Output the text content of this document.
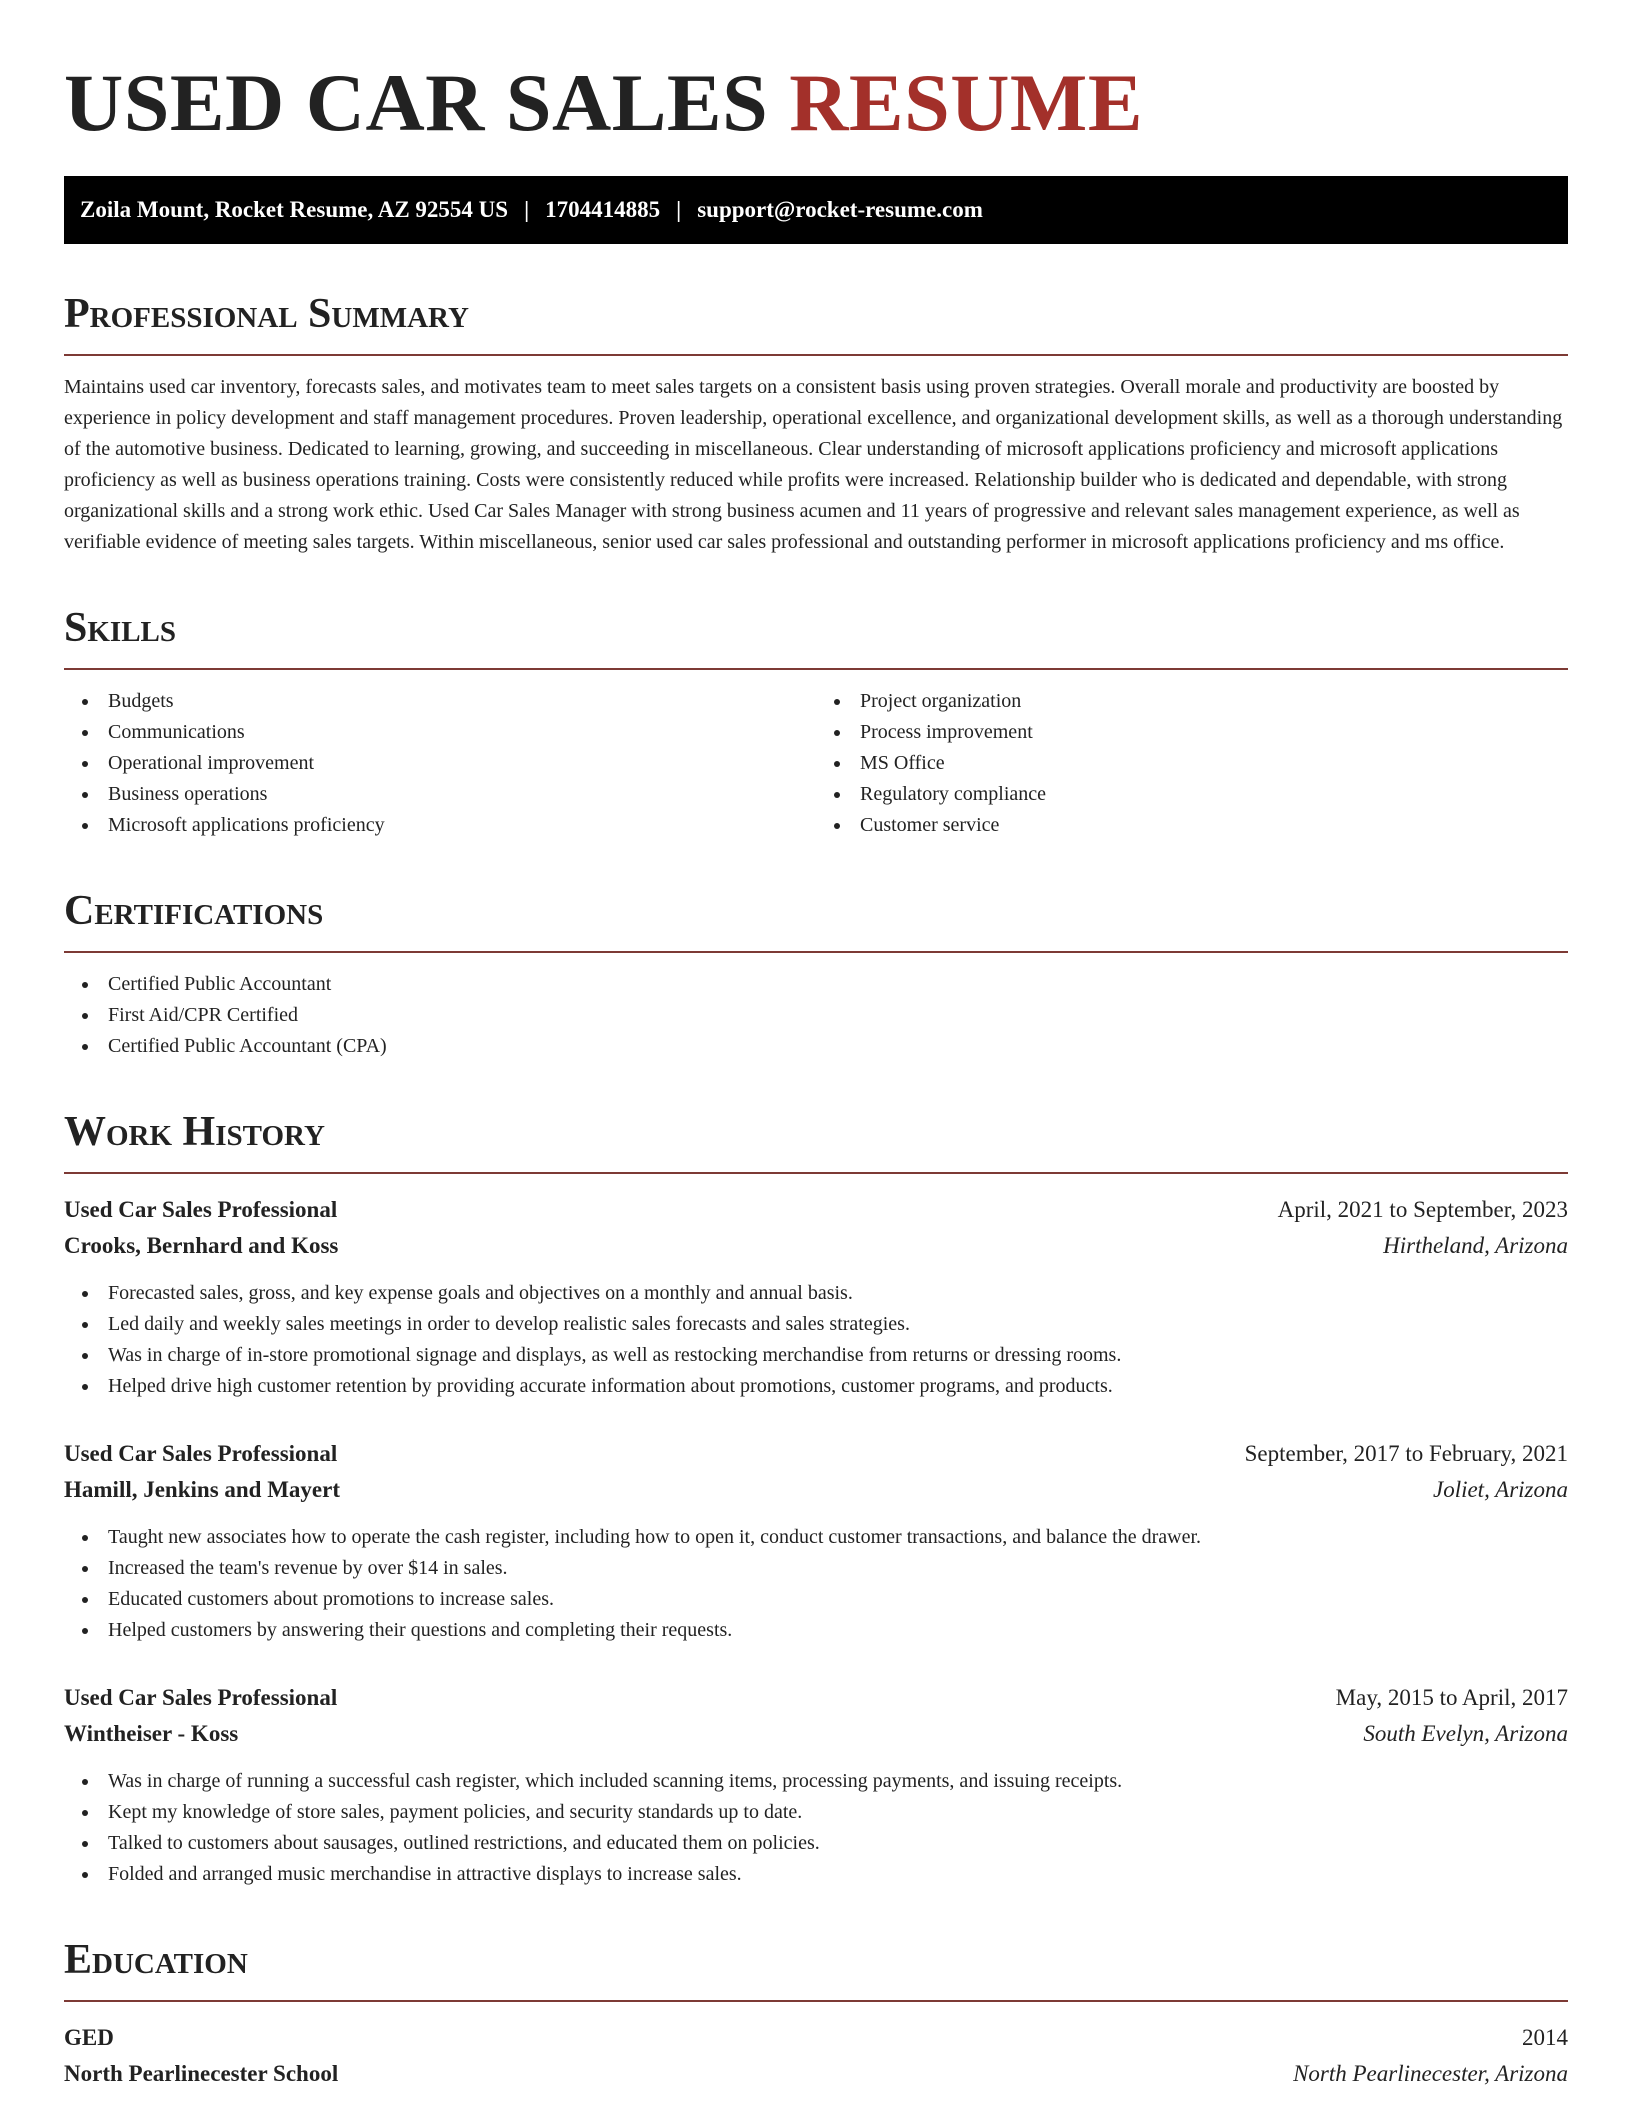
USED CAR SALES RESUME
Zoila Mount, Rocket Resume, AZ 92554 US | 1704414885 | support@rocket-resume.com
Professional Summary

Maintains used car inventory, forecasts sales, and motivates team to meet sales targets on a consistent basis using proven strategies. Overall morale and productivity are boosted by experience in policy development and staff management procedures. Proven leadership, operational excellence, and organizational development skills, as well as a thorough understanding of the automotive business. Dedicated to learning, growing, and succeeding in miscellaneous. Clear understanding of microsoft applications proficiency and microsoft applications proficiency as well as business operations training. Costs were consistently reduced while profits were increased. Relationship builder who is dedicated and dependable, with strong organizational skills and a strong work ethic. Used Car Sales Manager with strong business acumen and 11 years of progressive and relevant sales management experience, as well as verifiable evidence of meeting sales targets. Within miscellaneous, senior used car sales professional and outstanding performer in microsoft applications proficiency and ms office.

Skills
Budgets
Communications
Operational improvement
Business operations
Microsoft applications proficiency
Project organization
Process improvement
MS Office
Regulatory compliance
Customer service
Certifications
Certified Public Accountant
First Aid/CPR Certified
Certified Public Accountant (CPA)
Work History
Used Car Sales Professional	April, 2021 to September, 2023
Crooks, Bernhard and Koss	Hirtheland, Arizona
Forecasted sales, gross, and key expense goals and objectives on a monthly and annual basis.
Led daily and weekly sales meetings in order to develop realistic sales forecasts and sales strategies.
Was in charge of in-store promotional signage and displays, as well as restocking merchandise from returns or dressing rooms.
Helped drive high customer retention by providing accurate information about promotions, customer programs, and products.
Used Car Sales Professional	September, 2017 to February, 2021
Hamill, Jenkins and Mayert	Joliet, Arizona
Taught new associates how to operate the cash register, including how to open it, conduct customer transactions, and balance the drawer.
Increased the team's revenue by over $14 in sales.
Educated customers about promotions to increase sales.
Helped customers by answering their questions and completing their requests.
Used Car Sales Professional	May, 2015 to April, 2017
Wintheiser - Koss	South Evelyn, Arizona
Was in charge of running a successful cash register, which included scanning items, processing payments, and issuing receipts.
Kept my knowledge of store sales, payment policies, and security standards up to date.
Talked to customers about sausages, outlined restrictions, and educated them on policies.
Folded and arranged music merchandise in attractive displays to increase sales.
Education
GED	2014
North Pearlinecester School	North Pearlinecester, Arizona
